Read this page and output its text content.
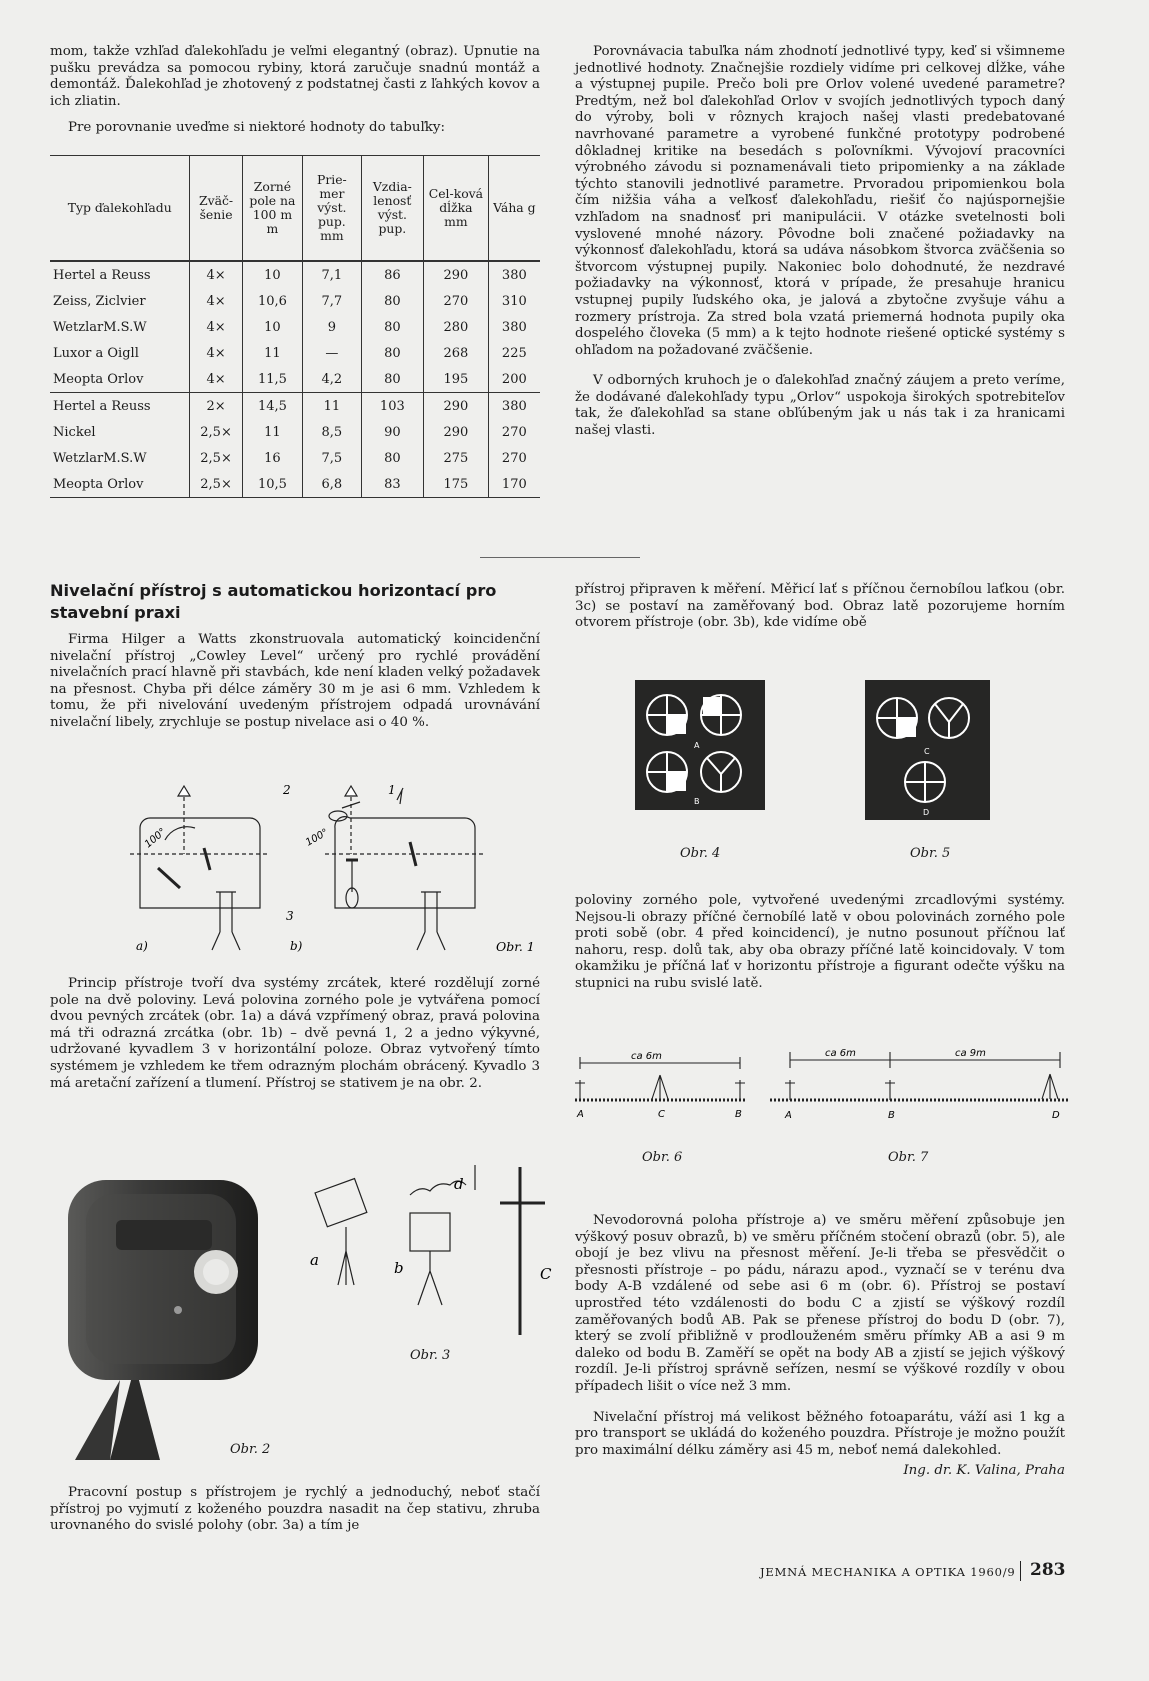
mom, takže vzhľad ďalekohľadu je veľmi elegantný (obraz). Upnutie na pušku prevádza sa pomocou rybiny, ktorá zaručuje snadnú montáž a demontáž. Ďalekohľad je zhotovený z podstatnej časti z ľahkých kovov a ich zliatin.

Pre porovnanie uveďme si niektoré hodnoty do tabuľky:

Typ ďalekohľadu	Zväč-šenie	Zorné pole na 100 m m	Prie-mer výst. pup. mm	Vzdia-lenosť výst. pup.	Cel-ková dĺžka mm	Váha g
Hertel a Reuss	4×	10	7,1	86	290	380
Zeiss, Ziclvier	4×	10,6	7,7	80	270	310
WetzlarM.S.W	4×	10	9	80	280	380
Luxor a Oigll	4×	11	—	80	268	225
Meopta Orlov	4×	11,5	4,2	80	195	200
Hertel a Reuss	2×	14,5	11	103	290	380
Nickel	2,5×	11	8,5	90	290	270
WetzlarM.S.W	2,5×	16	7,5	80	275	270
Meopta Orlov	2,5×	10,5	6,8	83	175	170

Porovnávacia tabuľka nám zhodnotí jednotlivé typy, keď si všimneme jednotlivé hodnoty. Značnejšie rozdiely vidíme pri celkovej dĺžke, váhe a výstupnej pupile. Prečo boli pre Orlov volené uvedené parametre? Predtým, než bol ďalekohľad Orlov v svojích jednotlivých typoch daný do výroby, boli v rôznych krajoch našej vlasti predebatované navrhované parametre a vyrobené funkčné prototypy podrobené dôkladnej kritike na besedách s poľovníkmi. Vývojoví pracovníci výrobného závodu si poznamenávali tieto pripomienky a na základe týchto stanovili jednotlivé parametre. Prvoradou pripomienkou bola čím nižšia váha a veľkosť ďalekohľadu, riešiť čo najúspornejšie vzhľadom na snadnosť pri manipulácii. V otázke svetelnosti boli vyslovené mnohé názory. Pôvodne boli značené požiadavky na výkonnosť ďalekohľadu, ktorá sa udáva násobkom štvorca zväčšenia so štvorcom výstupnej pupily. Nakoniec bolo dohodnuté, že nezdravé požiadavky na výkonnosť, ktorá v prípade, že presahuje hranicu vstupnej pupily ľudského oka, je jalová a zbytočne zvyšuje váhu a rozmery prístroja. Za stred bola vzatá priemerná hodnota pupily oka dospelého človeka (5 mm) a k tejto hodnote riešené optické systémy s ohľadom na požadované zväčšenie.

V odborných kruhoch je o ďalekohľad značný záujem a preto veríme, že dodávané ďalekohľady typu „Orlov“ uspokoja širokých spotrebiteľov tak, že ďalekohľad sa stane obľúbeným jak u nás tak i za hranicami našej vlasti.

Nivelační přístroj s automatickou horizontací pro stavební praxi

Firma Hilger a Watts zkonstruovala automatický koincidenční nivelační přístroj „Cowley Level“ určený pro rychlé provádění nivelačních prací hlavně při stavbách, kde není kladen velký požadavek na přesnost. Chyba při délce záměry 30 m je asi 6 mm. Vzhledem k tomu, že při nivelování uvedeným přístrojem odpadá urovnávání nivelační libely, zrychluje se postup nivelace asi o 40 %.

a)	b)
100°	100°
2	1
3
Obr. 1

Princip přístroje tvoří dva systémy zrcátek, které rozdělují zorné pole na dvě poloviny. Levá polovina zorného pole je vytvářena pomocí dvou pevných zrcátek (obr. 1a) a dává vzpřímený obraz, pravá polovina má tři odrazná zrcátka (obr. 1b) – dvě pevná 1, 2 a jedno výkyvné, udržované kyvadlem 3 v horizontální poloze. Obraz vytvořený tímto systémem je vzhledem ke třem odrazným plochám obrácený. Kyvadlo 3 má aretační zařízení a tlumení. Přístroj se stativem je na obr. 2.

Obr. 2
a	b	C
d
Obr. 3

Pracovní postup s přístrojem je rychlý a jednoduchý, neboť stačí přístroj po vyjmutí z koženého pouzdra nasadit na čep stativu, zhruba urovnaného do svislé polohy (obr. 3a) a tím je

přístroj připraven k měření. Měřicí lať s příčnou černobílou laťkou (obr. 3c) se postaví na zaměřovaný bod. Obraz latě pozorujeme horním otvorem přístroje (obr. 3b), kde vidíme obě

A
B
Obr. 4
C
D
Obr. 5

poloviny zorného pole, vytvořené uvedenými zrcadlovými systémy. Nejsou-li obrazy příčné černobílé latě v obou polovinách zorného pole proti sobě (obr. 4 před koincidencí), je nutno posunout příčnou lať nahoru, resp. dolů tak, aby oba obrazy příčné latě koincidovaly. V tom okamžiku je příčná lať v horizontu přístroje a figurant odečte výšku na stupnici na rubu svislé latě.

ca 6m
A	C	B
Obr. 6
ca 6m	ca 9m
A	B	D
Obr. 7

Nevodorovná poloha přístroje a) ve směru měření způsobuje jen výškový posuv obrazů, b) ve směru příčném stočení obrazů (obr. 5), ale obojí je bez vlivu na přesnost měření. Je-li třeba se přesvědčit o přesnosti přístroje – po pádu, nárazu apod., vyznačí se v terénu dva body A-B vzdálené od sebe asi 6 m (obr. 6). Přístroj se postaví uprostřed této vzdálenosti do bodu C a zjistí se výškový rozdíl zaměřovaných bodů AB. Pak se přenese přístroj do bodu D (obr. 7), který se zvolí přibližně v prodlouženém směru přímky AB a asi 9 m daleko od bodu B. Zaměří se opět na body AB a zjistí se jejich výškový rozdíl. Je-li přístroj správně seřízen, nesmí se výškové rozdíly v obou případech lišit o více než 3 mm.

Nivelační přístroj má velikost běžného fotoaparátu, váží asi 1 kg a pro transport se ukládá do koženého pouzdra. Přístroje je možno použít pro maximální délku záměry asi 45 m, neboť nemá dalekohled.

Ing. dr. K. Valina, Praha

JEMNÁ MECHANIKA A OPTIKA 1960/9 283
